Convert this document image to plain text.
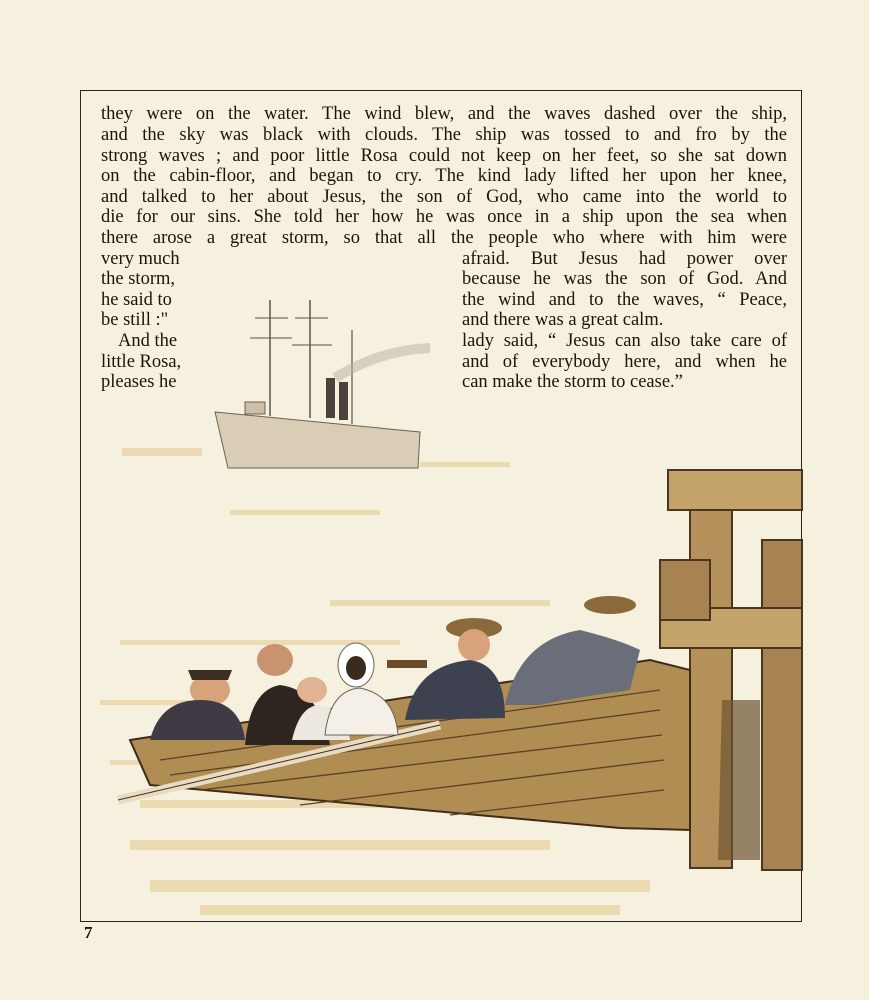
they were on the water. The wind blew, and the waves dashed over the ship,
and the sky was black with clouds. The ship was tossed to and fro by the
strong waves ; and poor little Rosa could not keep on her feet, so she sat down
on the cabin-floor, and began to cry. The kind lady lifted her upon her knee,
and talked to her about Jesus, the son of God, who came into the world to
die for our sins. She told her how he was once in a ship upon the sea when
there arose a great storm, so that all the people who where with him were
very much
the storm,
he said to
be still :"
And the
little Rosa,
pleases he
afraid. But Jesus had power over
because he was the son of God. And
the wind and to the waves, “ Peace,
and there was a great calm.
lady said, “ Jesus can also take care of
and of everybody here, and when he
can make the storm to cease.”
7
